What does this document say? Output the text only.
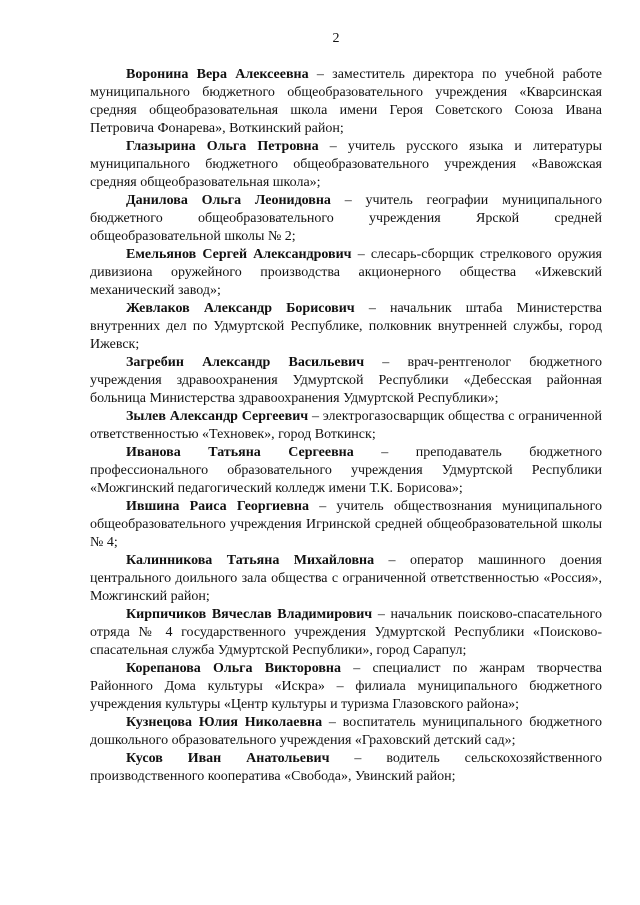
2
Воронина Вера Алексеевна – заместитель директора по учебной работе муниципального бюджетного общеобразовательного учреждения «Кварсинская средняя общеобразовательная школа имени Героя Советского Союза Ивана Петровича Фонарева», Воткинский район;
Глазырина Ольга Петровна – учитель русского языка и литературы муниципального бюджетного общеобразовательного учреждения «Вавожская средняя общеобразовательная школа»;
Данилова Ольга Леонидовна – учитель географии муниципального бюджетного общеобразовательного учреждения Ярской средней общеобразовательной школы № 2;
Емельянов Сергей Александрович – слесарь-сборщик стрелкового оружия дивизиона оружейного производства акционерного общества «Ижевский механический завод»;
Жевлаков Александр Борисович – начальник штаба Министерства внутренних дел по Удмуртской Республике, полковник внутренней службы, город Ижевск;
Загребин Александр Васильевич – врач-рентгенолог бюджетного учреждения здравоохранения Удмуртской Республики «Дебесская районная больница Министерства здравоохранения Удмуртской Республики»;
Зылев Александр Сергеевич – электрогазосварщик общества с ограниченной ответственностью «Техновек», город Воткинск;
Иванова Татьяна Сергеевна – преподаватель бюджетного профессионального образовательного учреждения Удмуртской Республики «Можгинский педагогический колледж имени Т.К. Борисова»;
Ившина Раиса Георгиевна – учитель обществознания муниципального общеобразовательного учреждения Игринской средней общеобразовательной школы № 4;
Калинникова Татьяна Михайловна – оператор машинного доения центрального доильного зала общества с ограниченной ответственностью «Россия», Можгинский район;
Кирпичиков Вячеслав Владимирович – начальник поисково-спасательного отряда № 4 государственного учреждения Удмуртской Республики «Поисково-спасательная служба Удмуртской Республики», город Сарапул;
Корепанова Ольга Викторовна – специалист по жанрам творчества Районного Дома культуры «Искра» – филиала муниципального бюджетного учреждения культуры «Центр культуры и туризма Глазовского района»;
Кузнецова Юлия Николаевна – воспитатель муниципального бюджетного дошкольного образовательного учреждения «Граховский детский сад»;
Кусов Иван Анатольевич – водитель сельскохозяйственного производственного кооператива «Свобода», Увинский район;
